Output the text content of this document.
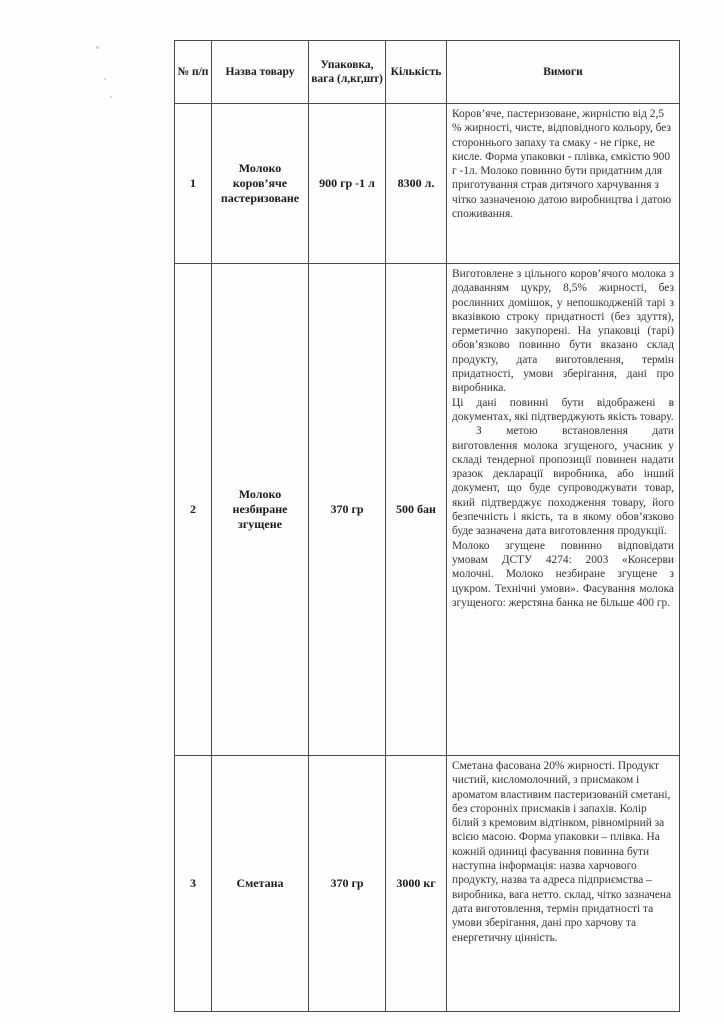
№ п/п	Назва товару	Упаковка, вага (л,кг,шт)	Кількість	Вимоги

1	Молоко коров’яче пастеризоване	900 гр -1 л	8300 л.	Коров’яче, пастеризоване, жирністю від 2,5 % жирності, чисте, відповідного кольору, без стороннього запаху та смаку - не гіркє, не кисле. Форма упаковки - плівка, ємкістю 900 г -1л. Молоко повинно бути придатним для приготування страв дитячого харчування з чітко зазначеною датою виробництва і датою споживання.

2	Молоко незбиране згущене	370 гр	500 бан	Виготовлене з цільного коров’ячого молока з додаванням цукру, 8,5% жирності, без рослинних домішок, у непошкодженій тарі з вказівкою строку придатності (без здуття), герметично закупорені. На упаковці (тарі) обов’язково повинно бути вказано склад продукту, дата виготовлення, термін придатності, умови зберігання, дані про виробника.
Ці дані повинні бути відображені в документах, які підтверджують якість товару.
З метою встановлення дати виготовлення молока згущеного, учасник у складі тендерної пропозиції повинен надати зразок декларації виробника, або інший документ, що буде супроводжувати товар, який підтверджує походження товару, його безпечність і якість, та в якому обов’язково буде зазначена дата виготовлення продукції.
Молоко згущене повинно відповідати умовам ДСТУ 4274: 2003 «Консерви молочні. Молоко незбиране згущене з цукром. Технічні умови». Фасування молока згущеного: жерстяна банка не більше 400 гр.

3	Сметана	370 гр	3000 кг	Сметана фасована 20% жирності. Продукт чистий, кисломолочний, з присмаком і ароматом властивим пастеризованій сметані, без сторонніх присмаків і запахів. Колір білий з кремовим відтінком, рівномірний за всією масою. Форма упаковки – плівка. На кожній одиниці фасування повинна бути наступна інформація: назва харчового продукту, назва та адреса підприємства –виробника, вага нетто. склад, чітко зазначена дата виготовлення, термін придатності та умови зберігання, дані про харчову та енергетичну цінність.
